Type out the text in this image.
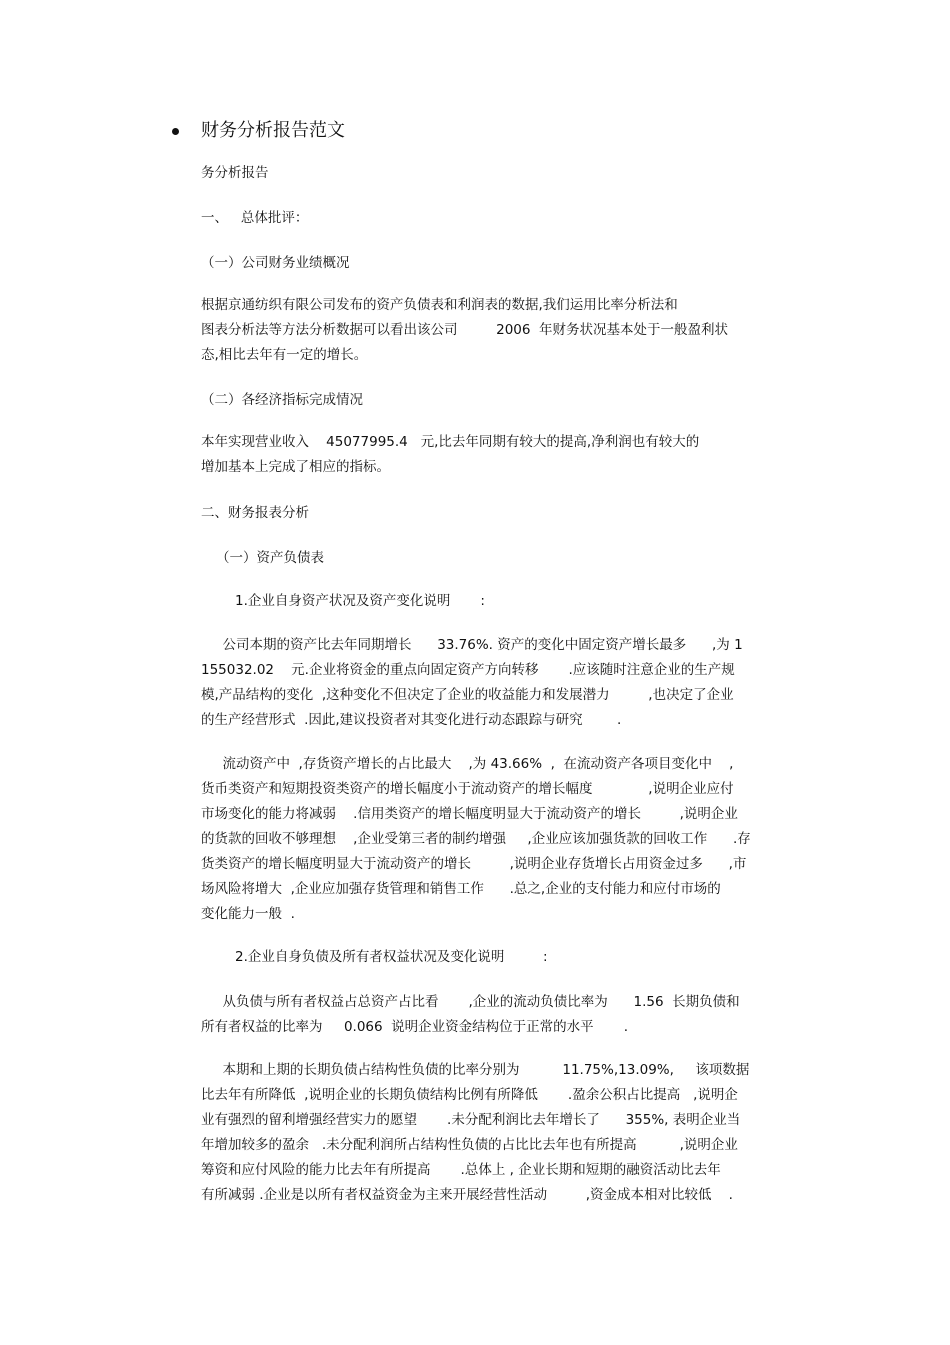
财务分析报告范文
务分析报告
一、   总体批评：
（一）公司财务业绩概况
根据京通纺织有限公司发布的资产负债表和利润表的数据,我们运用比率分析法和
图表分析法等方法分析数据可以看出该公司         2006  年财务状况基本处于一般盈利状
态,相比去年有一定的增长。
（二）各经济指标完成情况
本年实现营业收入    45077995.4   元,比去年同期有较大的提高,净利润也有较大的
增加基本上完成了相应的指标。
二、财务报表分析
（一）资产负债表
1.企业自身资产状况及资产变化说明       :
公司本期的资产比去年同期增长      33.76%. 资产的变化中固定资产增长最多      ,为 1
155032.02    元.企业将资金的重点向固定资产方向转移       .应该随时注意企业的生产规
模,产品结构的变化  ,这种变化不但决定了企业的收益能力和发展潜力         ,也决定了企业
的生产经营形式  .因此,建议投资者对其变化进行动态跟踪与研究        .
流动资产中  ,存货资产增长的占比最大    ,为 43.66%  ,  在流动资产各项目变化中    ,
货币类资产和短期投资类资产的增长幅度小于流动资产的增长幅度             ,说明企业应付
市场变化的能力将减弱    .信用类资产的增长幅度明显大于流动资产的增长         ,说明企业
的货款的回收不够理想    ,企业受第三者的制约增强     ,企业应该加强货款的回收工作      .存
货类资产的增长幅度明显大于流动资产的增长         ,说明企业存货增长占用资金过多      ,市
场风险将增大  ,企业应加强存货管理和销售工作      .总之,企业的支付能力和应付市场的
变化能力一般  .
2.企业自身负债及所有者权益状况及变化说明         :
从负债与所有者权益占总资产占比看       ,企业的流动负债比率为      1.56  长期负债和
所有者权益的比率为     0.066  说明企业资金结构位于正常的水平       .
本期和上期的长期负债占结构性负债的比率分别为          11.75%,13.09%,     该项数据
比去年有所降低  ,说明企业的长期负债结构比例有所降低       .盈余公积占比提高   ,说明企
业有强烈的留利增强经营实力的愿望       .未分配利润比去年增长了      355%, 表明企业当
年增加较多的盈余   .未分配利润所占结构性负债的占比比去年也有所提高          ,说明企业
筹资和应付风险的能力比去年有所提高       .总体上 , 企业长期和短期的融资活动比去年
有所减弱 .企业是以所有者权益资金为主来开展经营性活动         ,资金成本相对比较低    .
